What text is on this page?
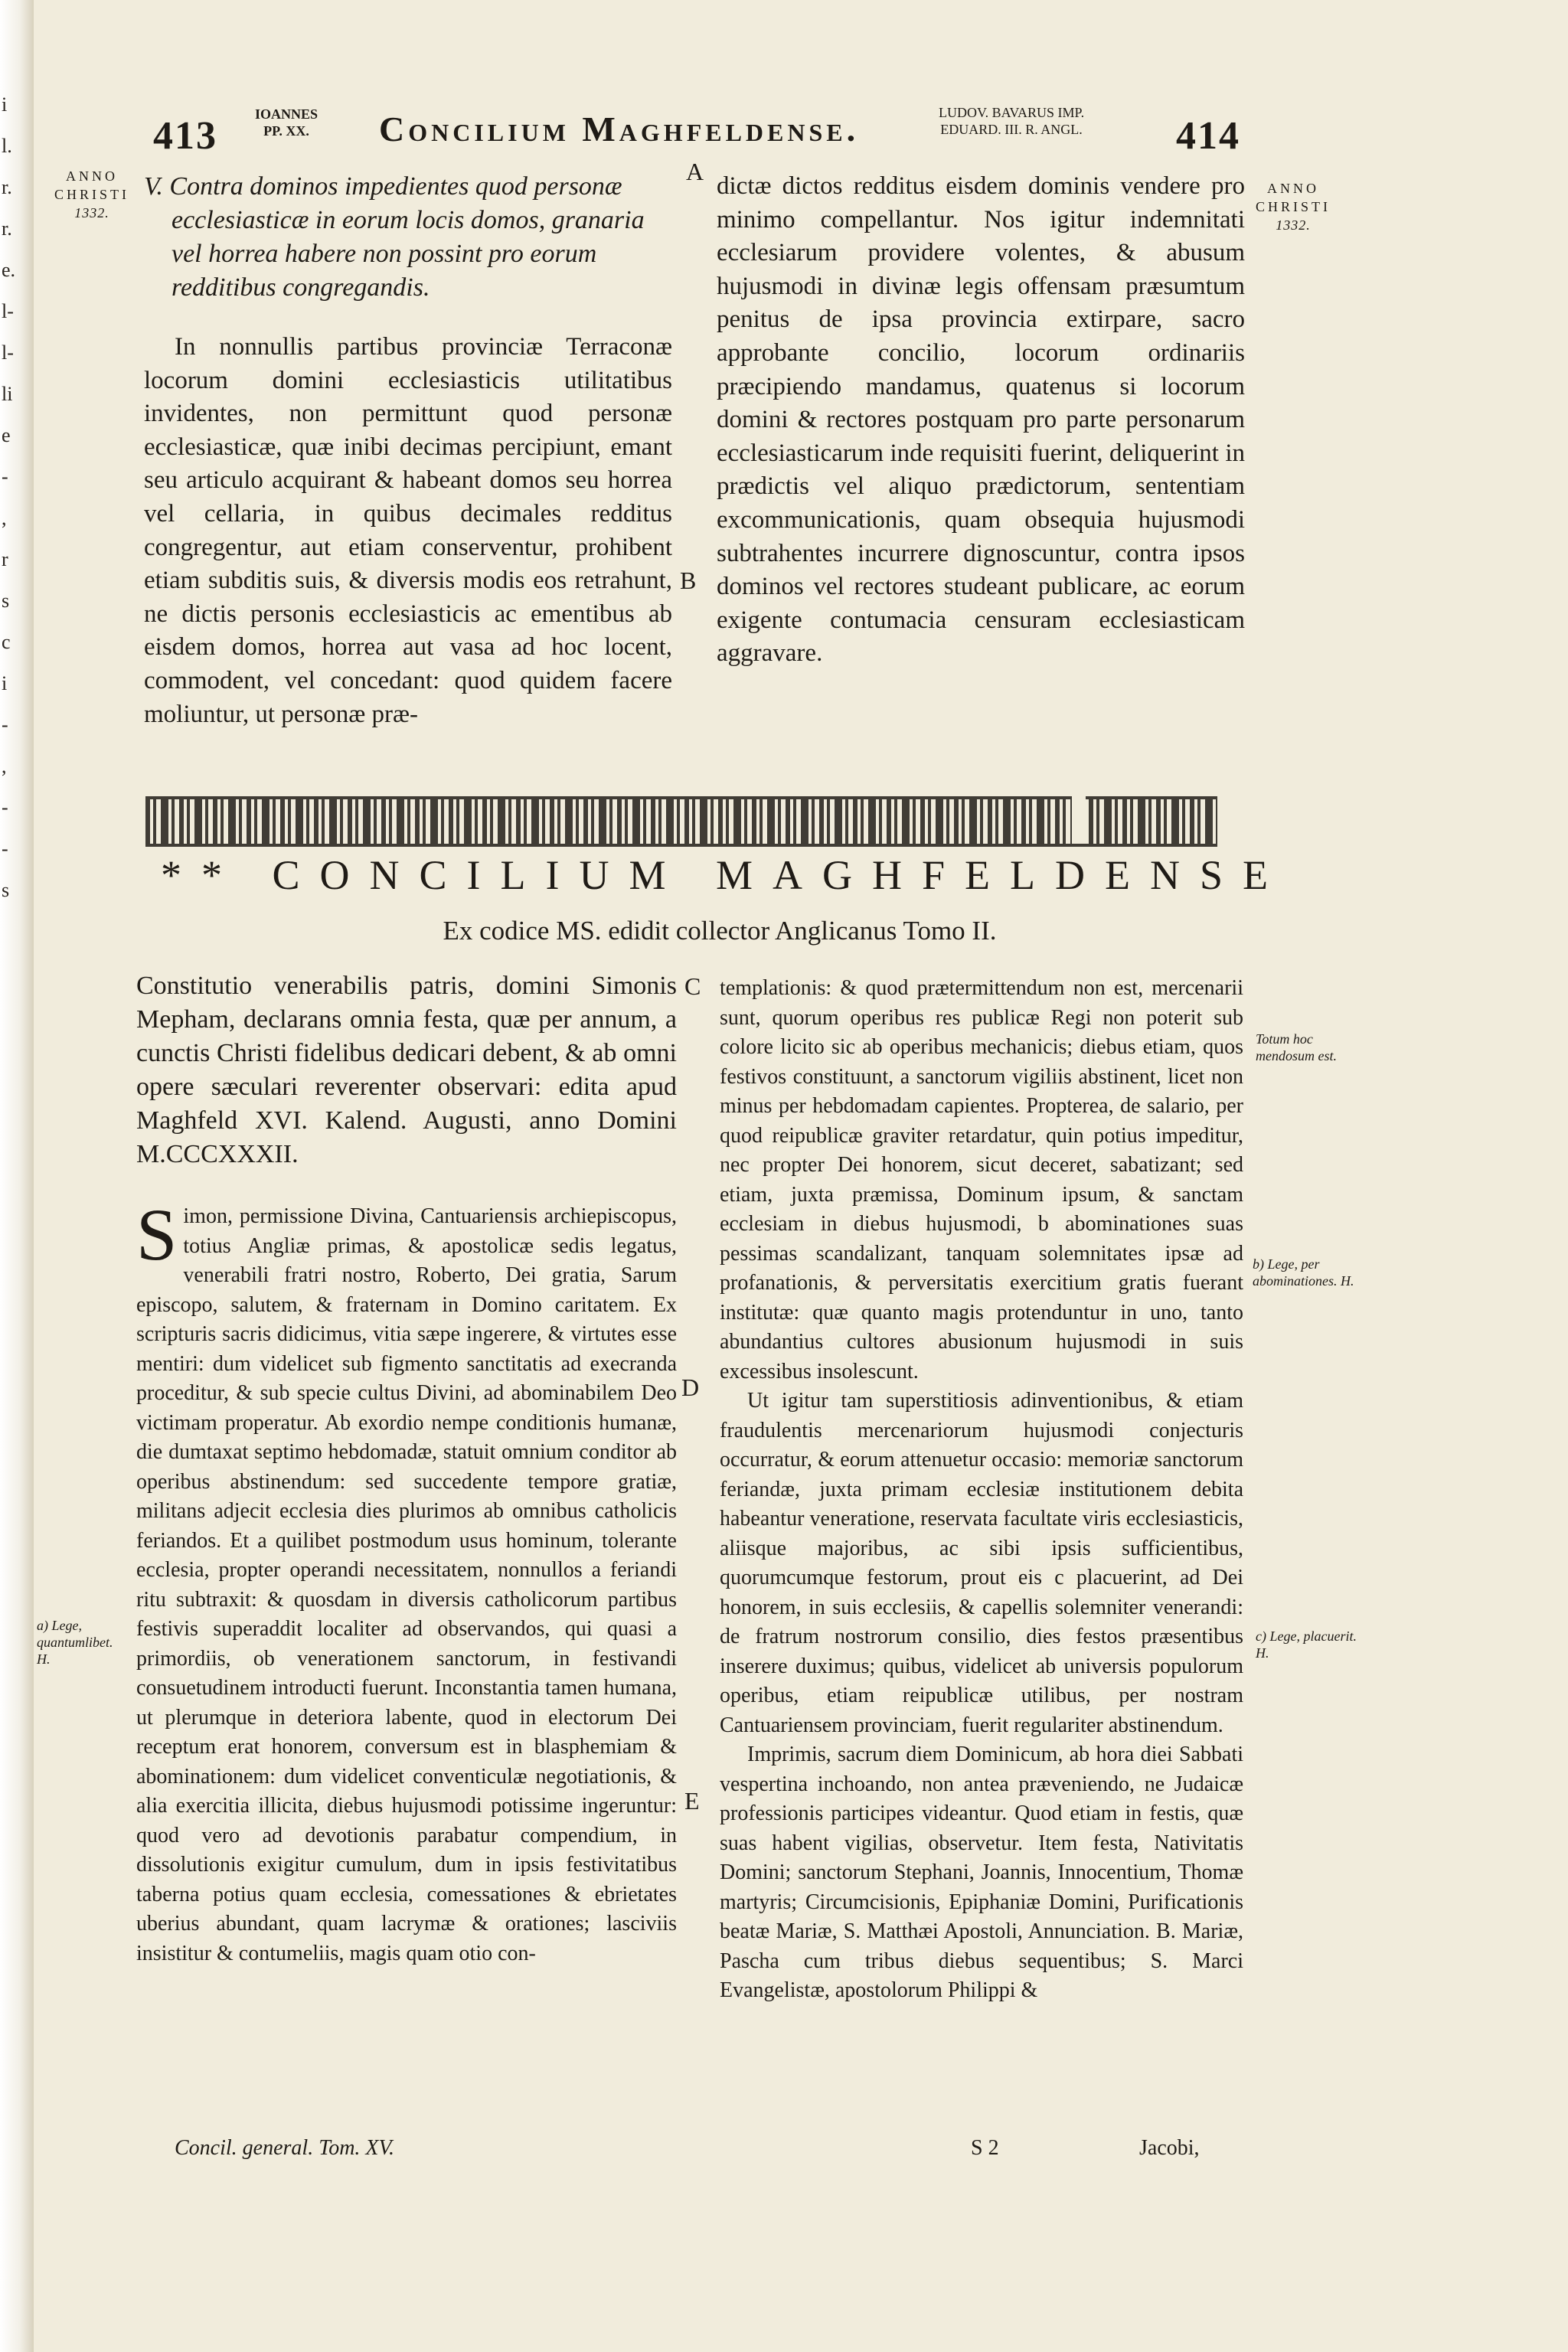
i
l.
r.
r.
e.
l-
l-
li
e
-
,
r
s
c
i
-
,
-
-
s
413	IOANNES
PP. XX. Concilium Maghfeldense.	LUDOV. BAVARUS IMP.
EDUARD. III. R. ANGL. 414
ANNO CHRISTI
1332.
ANNO CHRISTI
1332.

V. Contra dominos impedientes quod personæ ecclesiasticæ in eorum locis domos, granaria vel horrea habere non possint pro eorum redditibus congregandis.

In nonnullis partibus provinciæ Terraconæ locorum domini ecclesiasticis utilitatibus invidentes, non permittunt quod personæ ecclesiasticæ, quæ inibi decimas percipiunt, emant seu articulo acquirant & habeant domos seu horrea vel cellaria, in quibus decimales redditus congregentur, aut etiam conserventur, prohibent etiam subditis suis, & diversis modis eos retrahunt, ne dictis personis ecclesiasticis ac ementibus ab eisdem domos, horrea aut vasa ad hoc locent, commodent, vel concedant: quod quidem facere moliuntur, ut personæ præ-

A
B

dictæ dictos redditus eisdem dominis vendere pro minimo compellantur. Nos igitur indemnitati ecclesiarum providere volentes, & abusum hujusmodi in divinæ legis offensam præsumtum penitus de ipsa provincia extirpare, sacro approbante concilio, locorum ordinariis præcipiendo mandamus, quatenus si locorum domini & rectores postquam pro parte personarum ecclesiasticarum inde requisiti fuerint, deliquerint in prædictis vel aliquo prædictorum, sententiam excommunicationis, quam obsequia hujusmodi subtrahentes incurrere dignoscuntur, contra ipsos dominos vel rectores studeant publicare, ac eorum exigente contumacia censuram ecclesiasticam aggravare.

** CONCILIUM MAGHFELDENSE
Ex codice MS. edidit collector Anglicanus Tomo II.

Constitutio venerabilis patris, domini Simonis Mepham, declarans omnia festa, quæ per annum, a cunctis Christi fidelibus dedicari debent, & ab omni opere sæculari reverenter observari: edita apud Maghfeld XVI. Kalend. Augusti, anno Domini M.CCCXXXII.

Simon, permissione Divina, Cantuariensis archiepiscopus, totius Angliæ primas, & apostolicæ sedis legatus, venerabili fratri nostro, Roberto, Dei gratia, Sarum episcopo, salutem, & fraternam in Domino caritatem. Ex scripturis sacris didicimus, vitia sæpe ingerere, & virtutes esse mentiri: dum videlicet sub figmento sanctitatis ad execranda proceditur, & sub specie cultus Divini, ad abominabilem Deo victimam properatur. Ab exordio nempe conditionis humanæ, die dumtaxat septimo hebdomadæ, statuit omnium conditor ab operibus abstinendum: sed succedente tempore gratiæ, militans adjecit ecclesia dies plurimos ab omnibus catholicis feriandos. Et a quilibet postmodum usus hominum, tolerante ecclesia, propter operandi necessitatem, nonnullos a feriandi ritu subtraxit: & quosdam in diversis catholicorum partibus festivis superaddit localiter ad observandos, qui quasi a primordiis, ob venerationem sanctorum, in festivandi consuetudinem introducti fuerunt. Inconstantia tamen humana, ut plerumque in deteriora labente, quod in electorum Dei receptum erat honorem, conversum est in blasphemiam & abominationem: dum videlicet conventiculæ negotiationis, & alia exercitia illicita, diebus hujusmodi potissime ingeruntur: quod vero ad devotionis parabatur compendium, in dissolutionis exigitur cumulum, dum in ipsis festivitatibus taberna potius quam ecclesia, comessationes & ebrietates uberius abundant, quam lacrymæ & orationes; lasciviis insistitur & contumeliis, magis quam otio con-

C
D
E

templationis: & quod prætermittendum non est, mercenarii sunt, quorum operibus res publicæ Regi non poterit sub colore licito sic ab operibus mechanicis; diebus etiam, quos festivos constituunt, a sanctorum vigiliis abstinent, licet non minus per hebdomadam capientes. Propterea, de salario, per quod reipublicæ graviter retardatur, quin potius impeditur, nec propter Dei honorem, sicut deceret, sabatizant; sed etiam, juxta præmissa, Dominum ipsum, & sanctam ecclesiam in diebus hujusmodi, b abominationes suas pessimas scandalizant, tanquam solemnitates ipsæ ad profanationis, & perversitatis exercitium gratis fuerant institutæ: quæ quanto magis protenduntur in uno, tanto abundantius cultores abusionum hujusmodi in suis excessibus insolescunt.

Ut igitur tam superstitiosis adinventionibus, & etiam fraudulentis mercenariorum hujusmodi conjecturis occurratur, & eorum attenuetur occasio: memoriæ sanctorum feriandæ, juxta primam ecclesiæ institutionem debita habeantur veneratione, reservata facultate viris ecclesiasticis, aliisque majoribus, ac sibi ipsis sufficientibus, quorumcumque festorum, prout eis c placuerint, ad Dei honorem, in suis ecclesiis, & capellis solemniter venerandi: de fratrum nostrorum consilio, dies festos præsentibus inserere duximus; quibus, videlicet ab universis populorum operibus, etiam reipublicæ utilibus, per nostram Cantuariensem provinciam, fuerit regulariter abstinendum.

Imprimis, sacrum diem Dominicum, ab hora diei Sabbati vespertina inchoando, non antea præveniendo, ne Judaicæ professionis participes videantur. Quod etiam in festis, quæ suas habent vigilias, observetur. Item festa, Nativitatis Domini; sanctorum Stephani, Joannis, Innocentium, Thomæ martyris; Circumcisionis, Epiphaniæ Domini, Purificationis beatæ Mariæ, S. Matthæi Apostoli, Annunciation. B. Mariæ, Pascha cum tribus diebus sequentibus; S. Marci Evangelistæ, apostolorum Philippi &

a) Lege, quantumlibet. H.
Totum hoc mendosum est.
b) Lege, per abominationes. H.
c) Lege, placuerit. H.
Concil. general. Tom. XV.	S 2	Jacobi,
